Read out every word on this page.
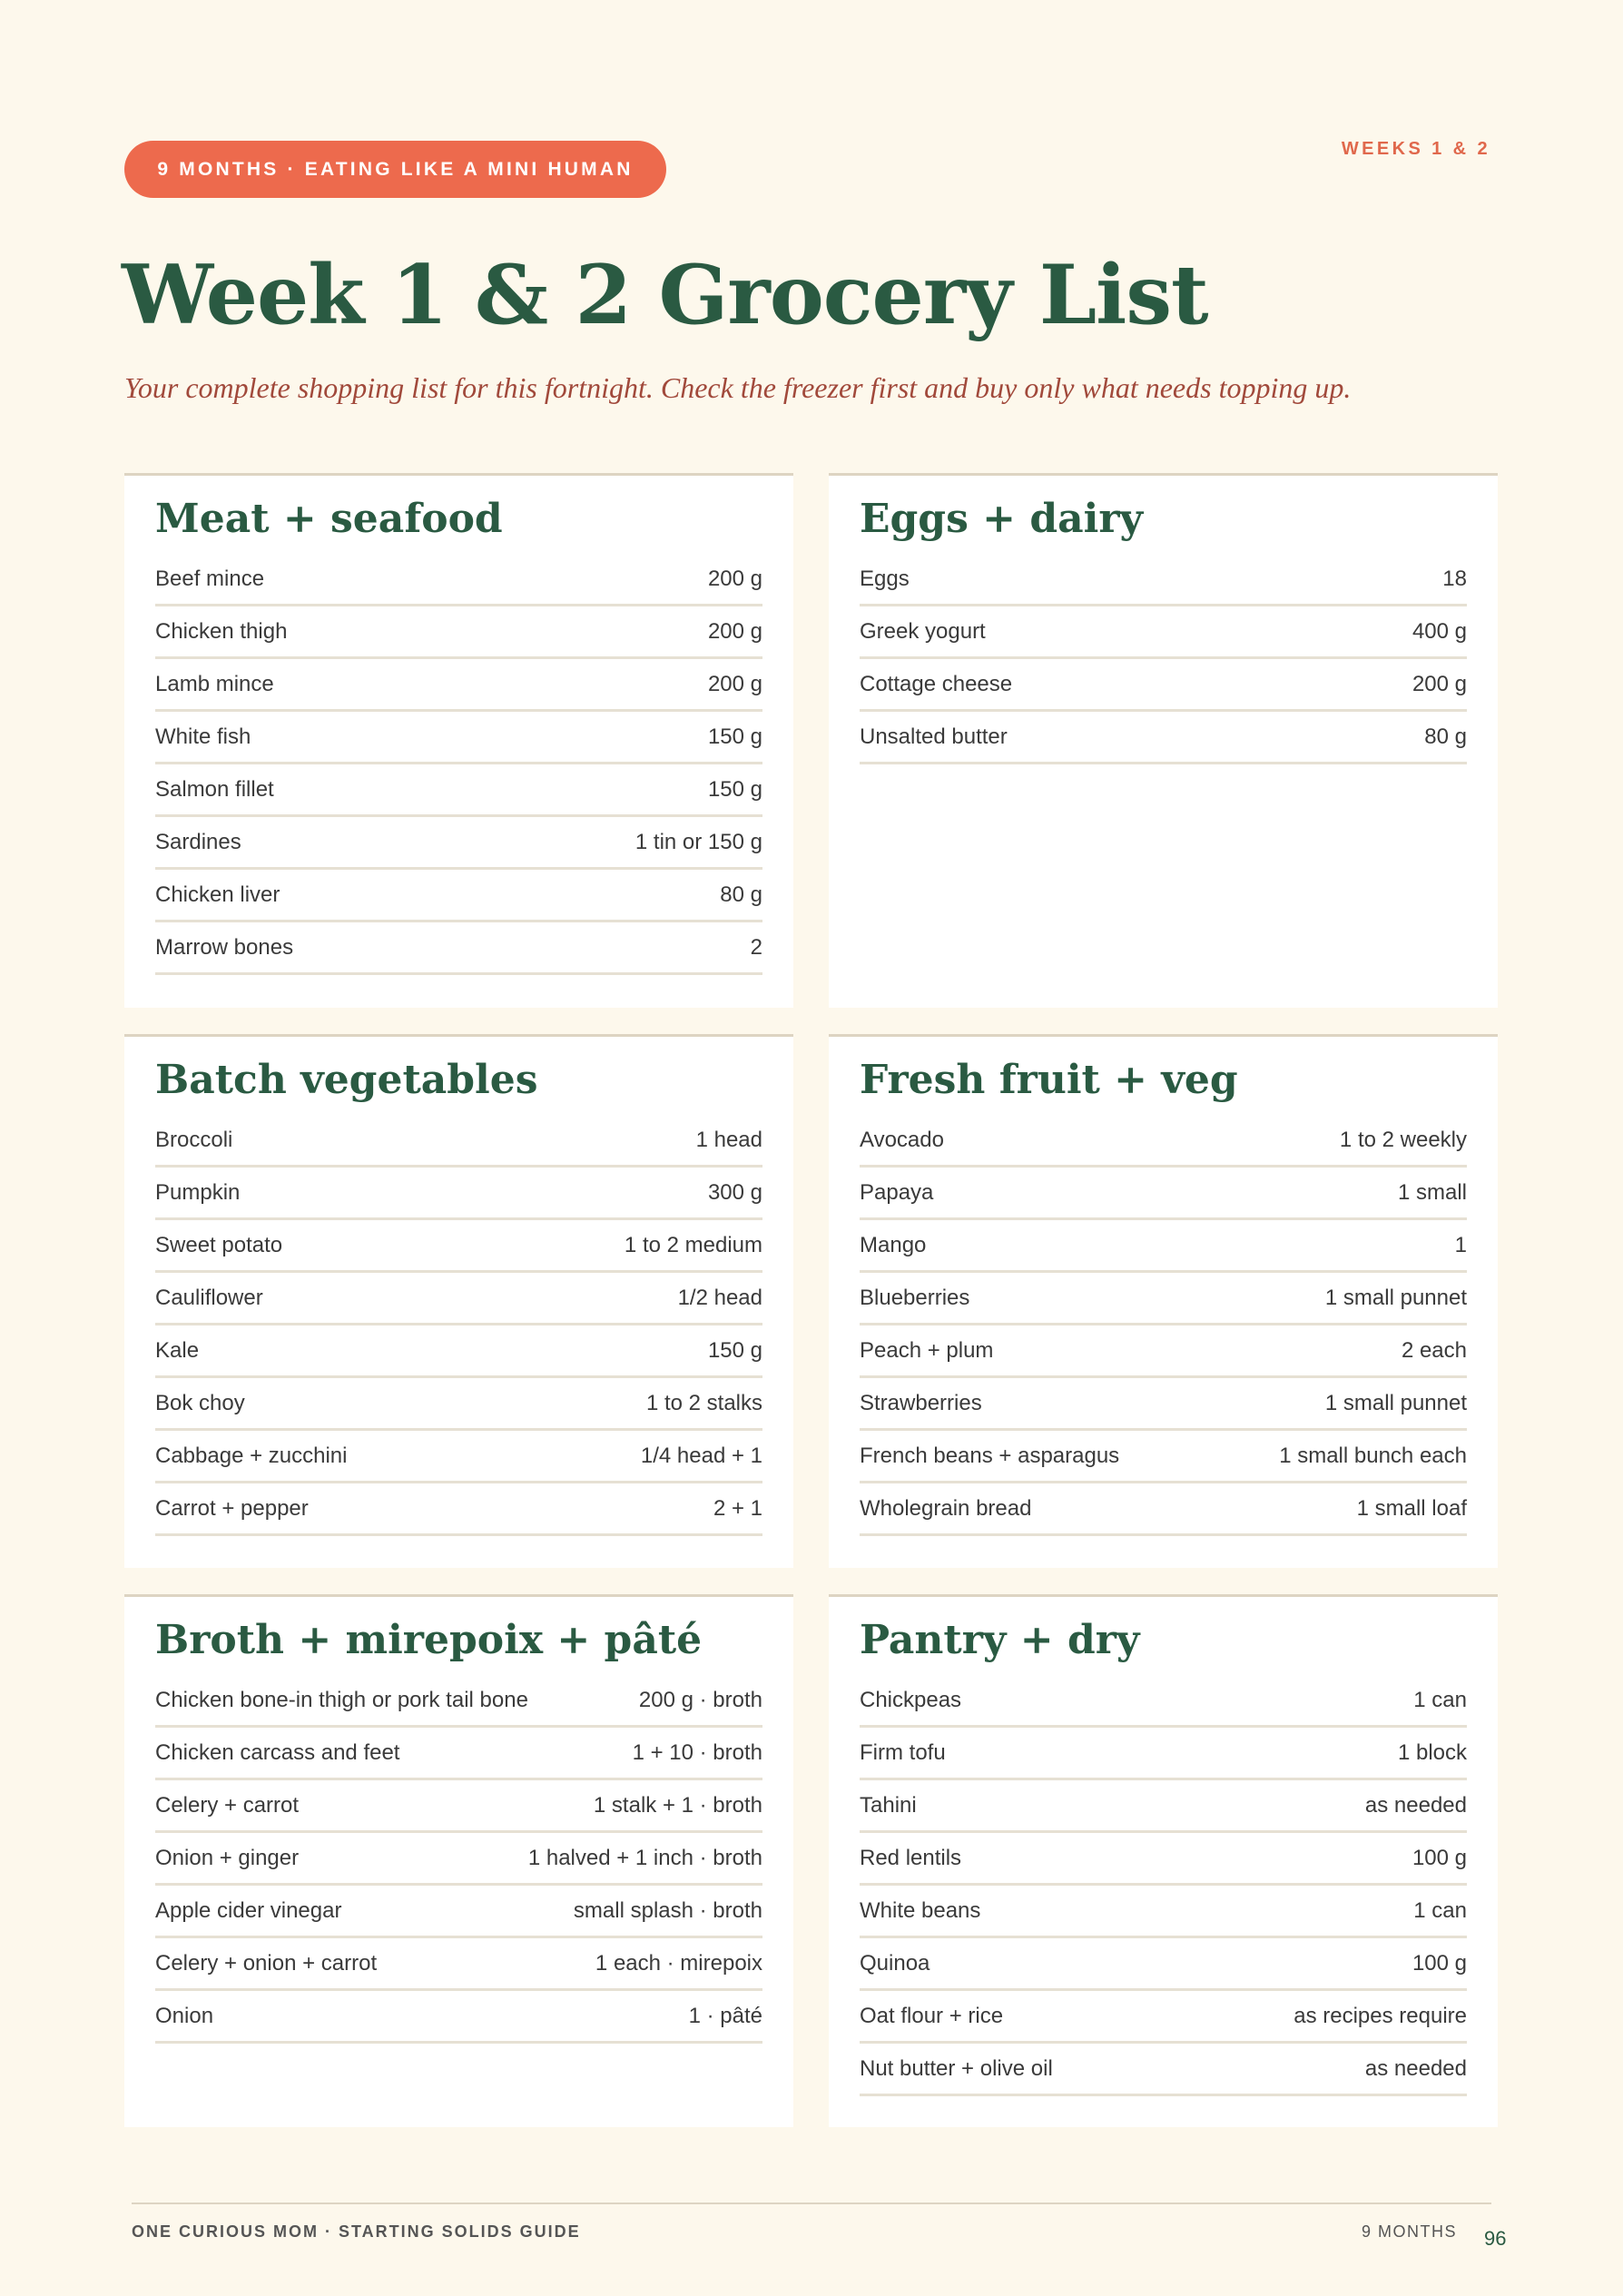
9 MONTHS · EATING LIKE A MINI HUMAN
WEEKS 1 & 2
Week 1 & 2 Grocery List

Your complete shopping list for this fortnight. Check the freezer first and buy only what needs topping up.

Meat + seafood
Beef mince	200 g
Chicken thigh	200 g
Lamb mince	200 g
White fish	150 g
Salmon fillet	150 g
Sardines	1 tin or 150 g
Chicken liver	80 g
Marrow bones	2
Eggs + dairy
Eggs	18
Greek yogurt	400 g
Cottage cheese	200 g
Unsalted butter	80 g
Batch vegetables
Broccoli	1 head
Pumpkin	300 g
Sweet potato	1 to 2 medium
Cauliflower	1/2 head
Kale	150 g
Bok choy	1 to 2 stalks
Cabbage + zucchini	1/4 head + 1
Carrot + pepper	2 + 1
Fresh fruit + veg
Avocado	1 to 2 weekly
Papaya	1 small
Mango	1
Blueberries	1 small punnet
Peach + plum	2 each
Strawberries	1 small punnet
French beans + asparagus	1 small bunch each
Wholegrain bread	1 small loaf
Broth + mirepoix + pâté
Chicken bone-in thigh or pork tail bone	200 g · broth
Chicken carcass and feet	1 + 10 · broth
Celery + carrot	1 stalk + 1 · broth
Onion + ginger	1 halved + 1 inch · broth
Apple cider vinegar	small splash · broth
Celery + onion + carrot	1 each · mirepoix
Onion	1 · pâté
Pantry + dry
Chickpeas	1 can
Firm tofu	1 block
Tahini	as needed
Red lentils	100 g
White beans	1 can
Quinoa	100 g
Oat flour + rice	as recipes require
Nut butter + olive oil	as needed
ONE CURIOUS MOM · STARTING SOLIDS GUIDE	9 MONTHS 96
